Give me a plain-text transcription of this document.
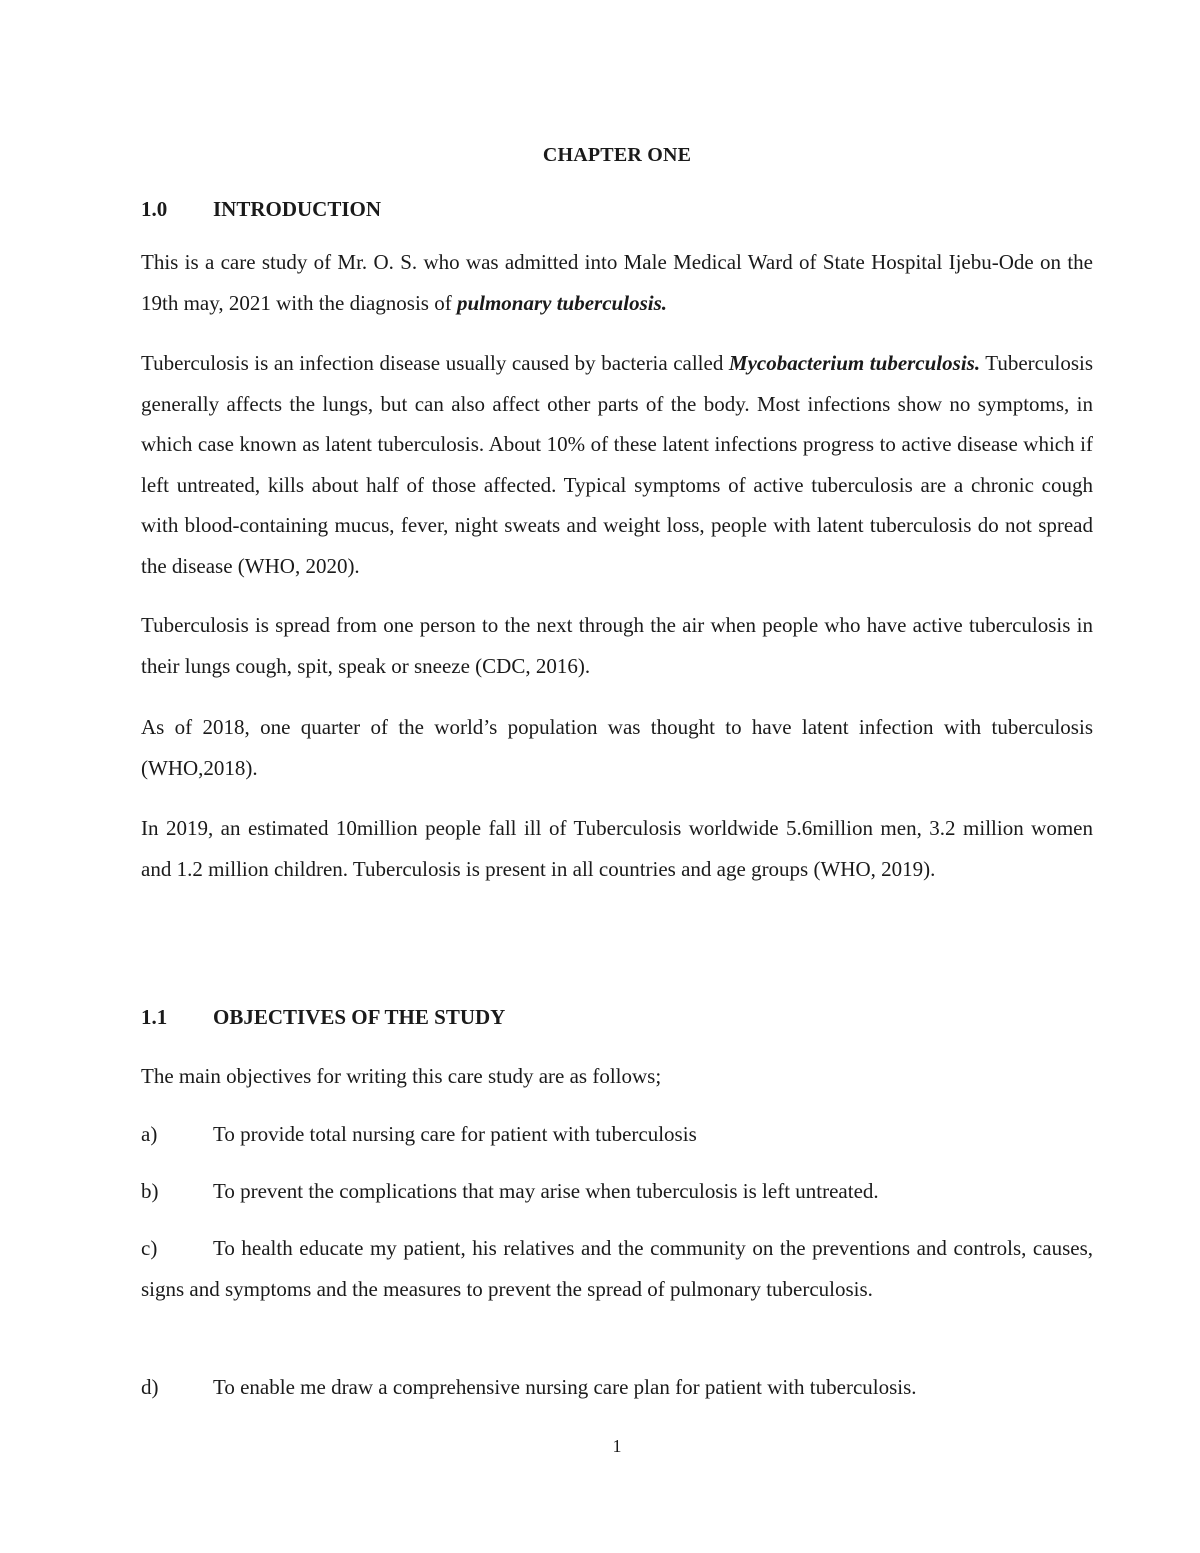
CHAPTER ONE
1.0 INTRODUCTION

This is a care study of Mr. O. S. who was admitted into Male Medical Ward of State Hospital Ijebu-Ode on the 19th may, 2021 with the diagnosis of pulmonary tuberculosis.

Tuberculosis is an infection disease usually caused by bacteria called Mycobacterium tuberculosis. Tuberculosis generally affects the lungs, but can also affect other parts of the body. Most infections show no symptoms, in which case known as latent tuberculosis. About 10% of these latent infections progress to active disease which if left untreated, kills about half of those affected. Typical symptoms of active tuberculosis are a chronic cough with blood-containing mucus, fever, night sweats and weight loss, people with latent tuberculosis do not spread the disease (WHO, 2020).

Tuberculosis is spread from one person to the next through the air when people who have active tuberculosis in their lungs cough, spit, speak or sneeze (CDC, 2016).

As of 2018, one quarter of the world’s population was thought to have latent infection with tuberculosis (WHO,2018).

In 2019, an estimated 10million people fall ill of Tuberculosis worldwide 5.6million men, 3.2 million women and 1.2 million children. Tuberculosis is present in all countries and age groups (WHO, 2019).

1.1 OBJECTIVES OF THE STUDY

The main objectives for writing this care study are as follows;

a)	To provide total nursing care for patient with tuberculosis

b)	To prevent the complications that may arise when tuberculosis is left untreated.

c)	To health educate my patient, his relatives and the community on the preventions and controls, causes, signs and symptoms and the measures to prevent the spread of pulmonary tuberculosis.

d)	To enable me draw a comprehensive nursing care plan for patient with tuberculosis.

1
